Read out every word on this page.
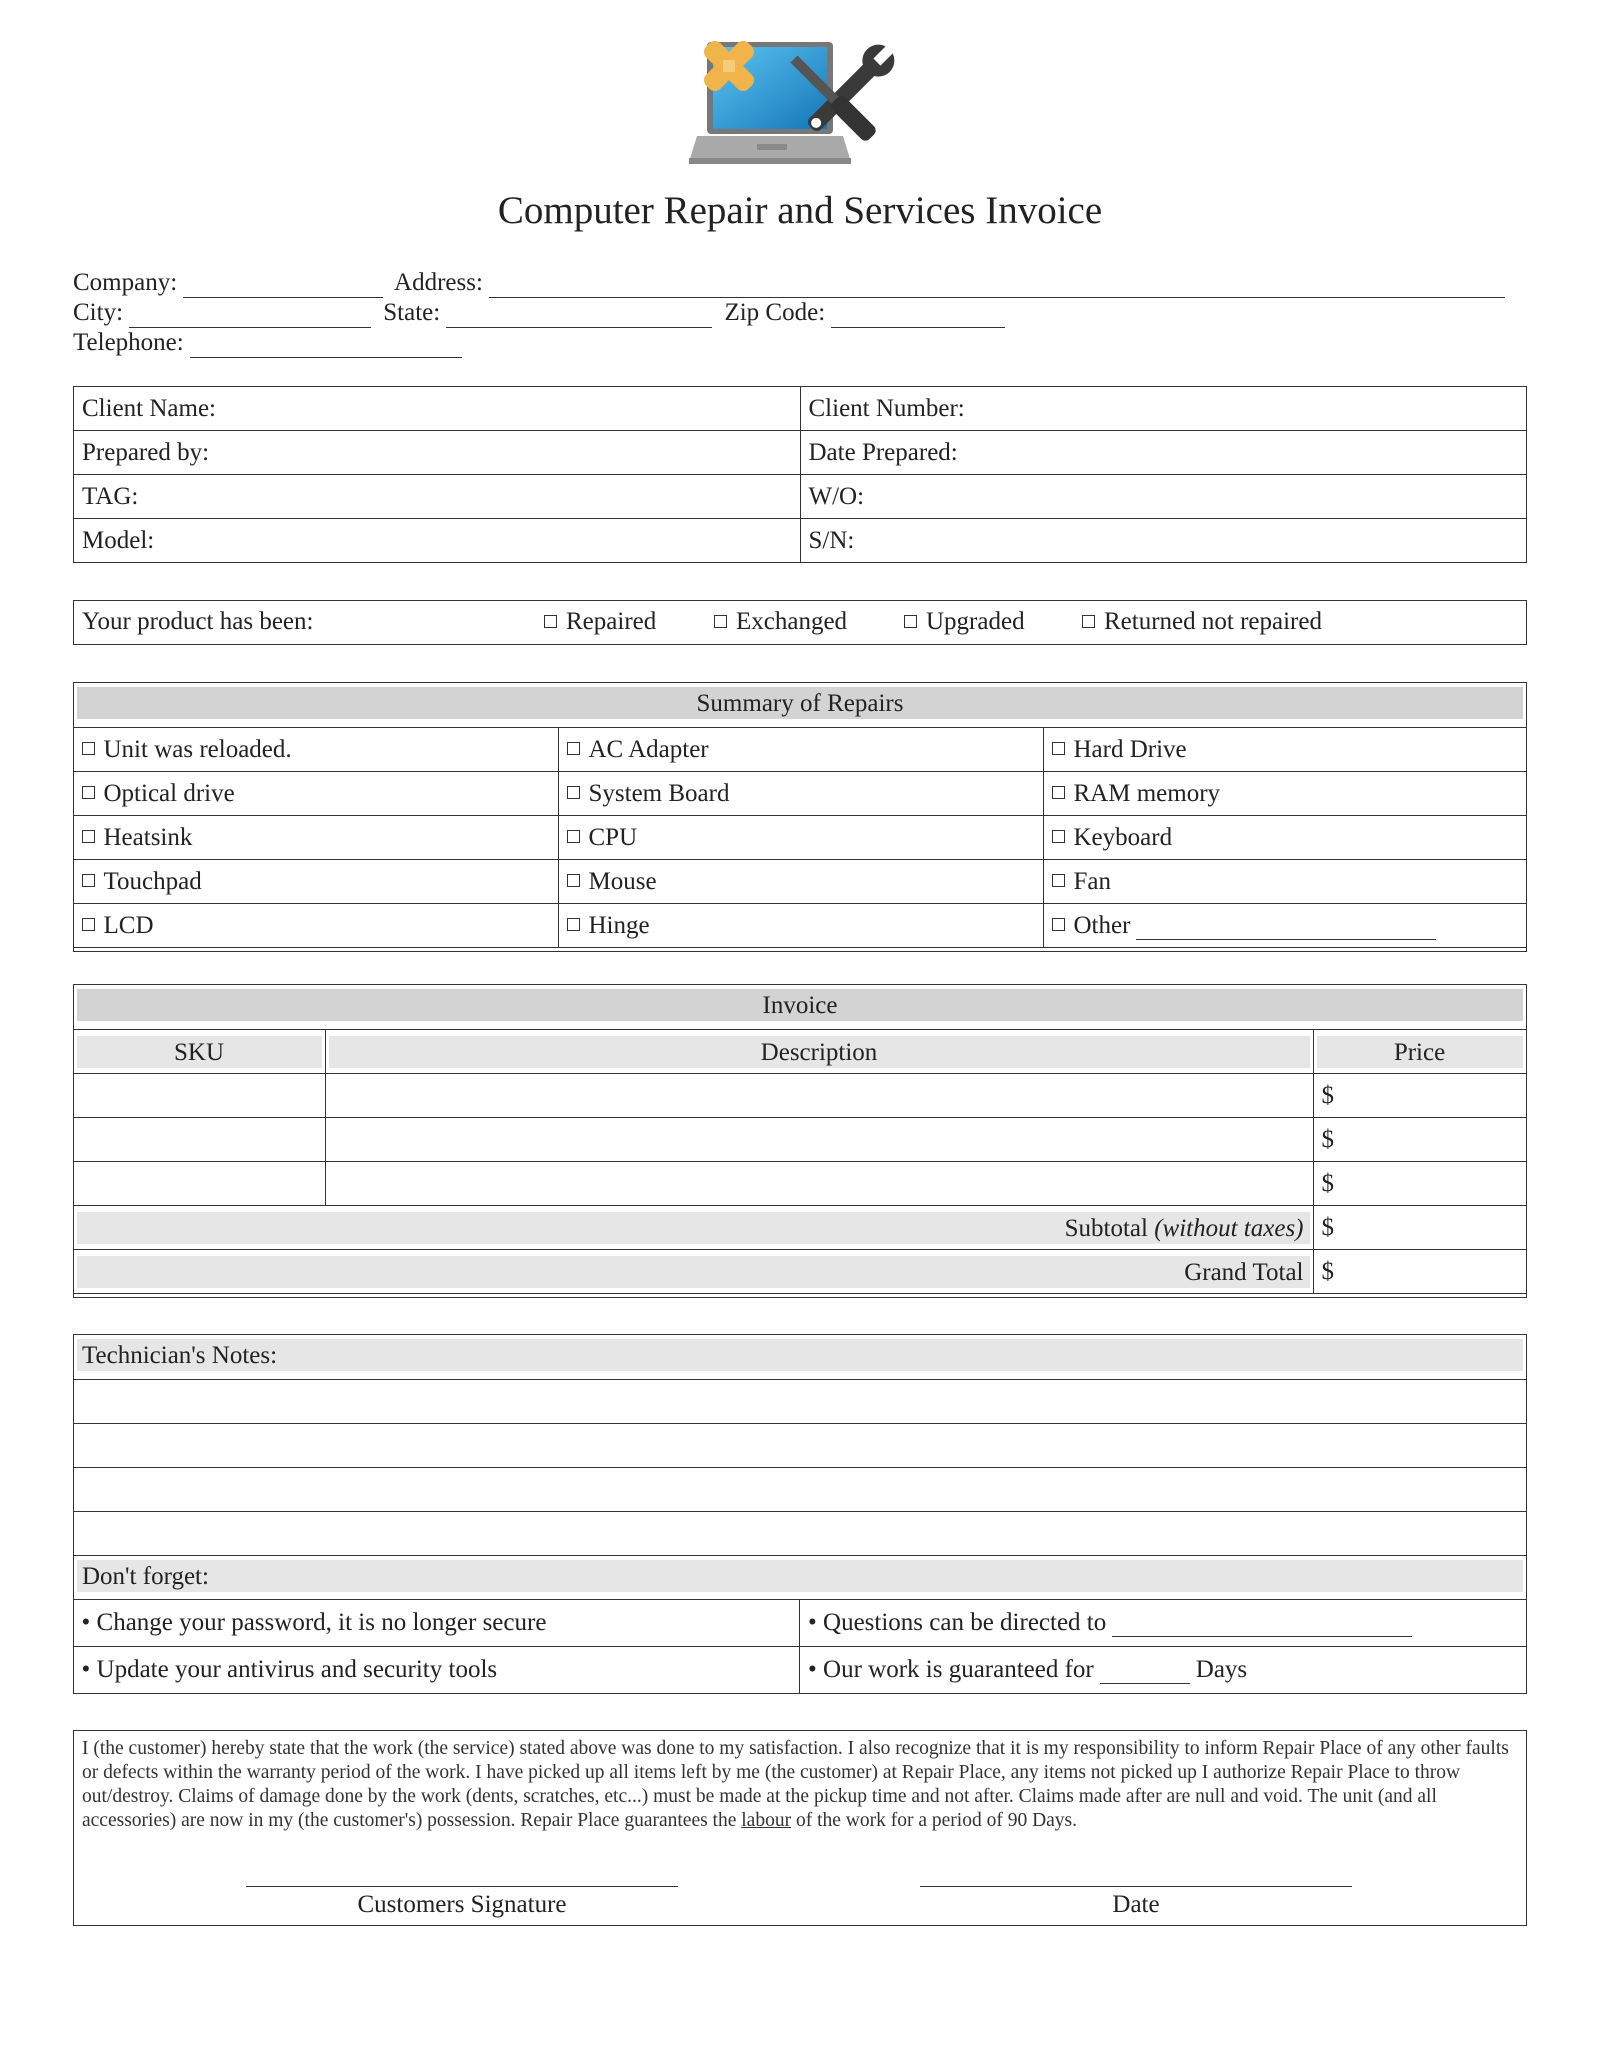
Computer Repair and Services Invoice
Company:	Address:
City:	State:	Zip Code:
Telephone:
Client Name:	Client Number:
Prepared by:	Date Prepared:
TAG:	W/O:
Model:	S/N:
Your product has been:	Repaired	Exchanged	Upgraded	Returned not repaired
Summary of Repairs
Unit was reloaded.	AC Adapter	Hard Drive
Optical drive	System Board	RAM memory
Heatsink	CPU	Keyboard
Touchpad	Mouse	Fan
LCD	Hinge	Other
Invoice
SKU	Description	Price

		$
		$
		$

Subtotal (without taxes)		$

Grand Total		$
Technician's Notes:

Don't forget:
• Change your password, it is no longer secure	• Questions can be directed to
• Update your antivirus and security tools	• Our work is guaranteed for Days
I (the customer) hereby state that the work (the service) stated above was done to my satisfaction. I also recognize that it is my responsibility to inform Repair Place of any other faults or defects within the warranty period of the work. I have picked up all items left by me (the customer) at Repair Place, any items not picked up I authorize Repair Place to throw out/destroy. Claims of damage done by the work (dents, scratches, etc...) must be made at the pickup time and not after. Claims made after are null and void. The unit (and all accessories) are now in my (the customer's) possession. Repair Place guarantees the labour of the work for a period of 90 Days.
Customers Signature	Date
